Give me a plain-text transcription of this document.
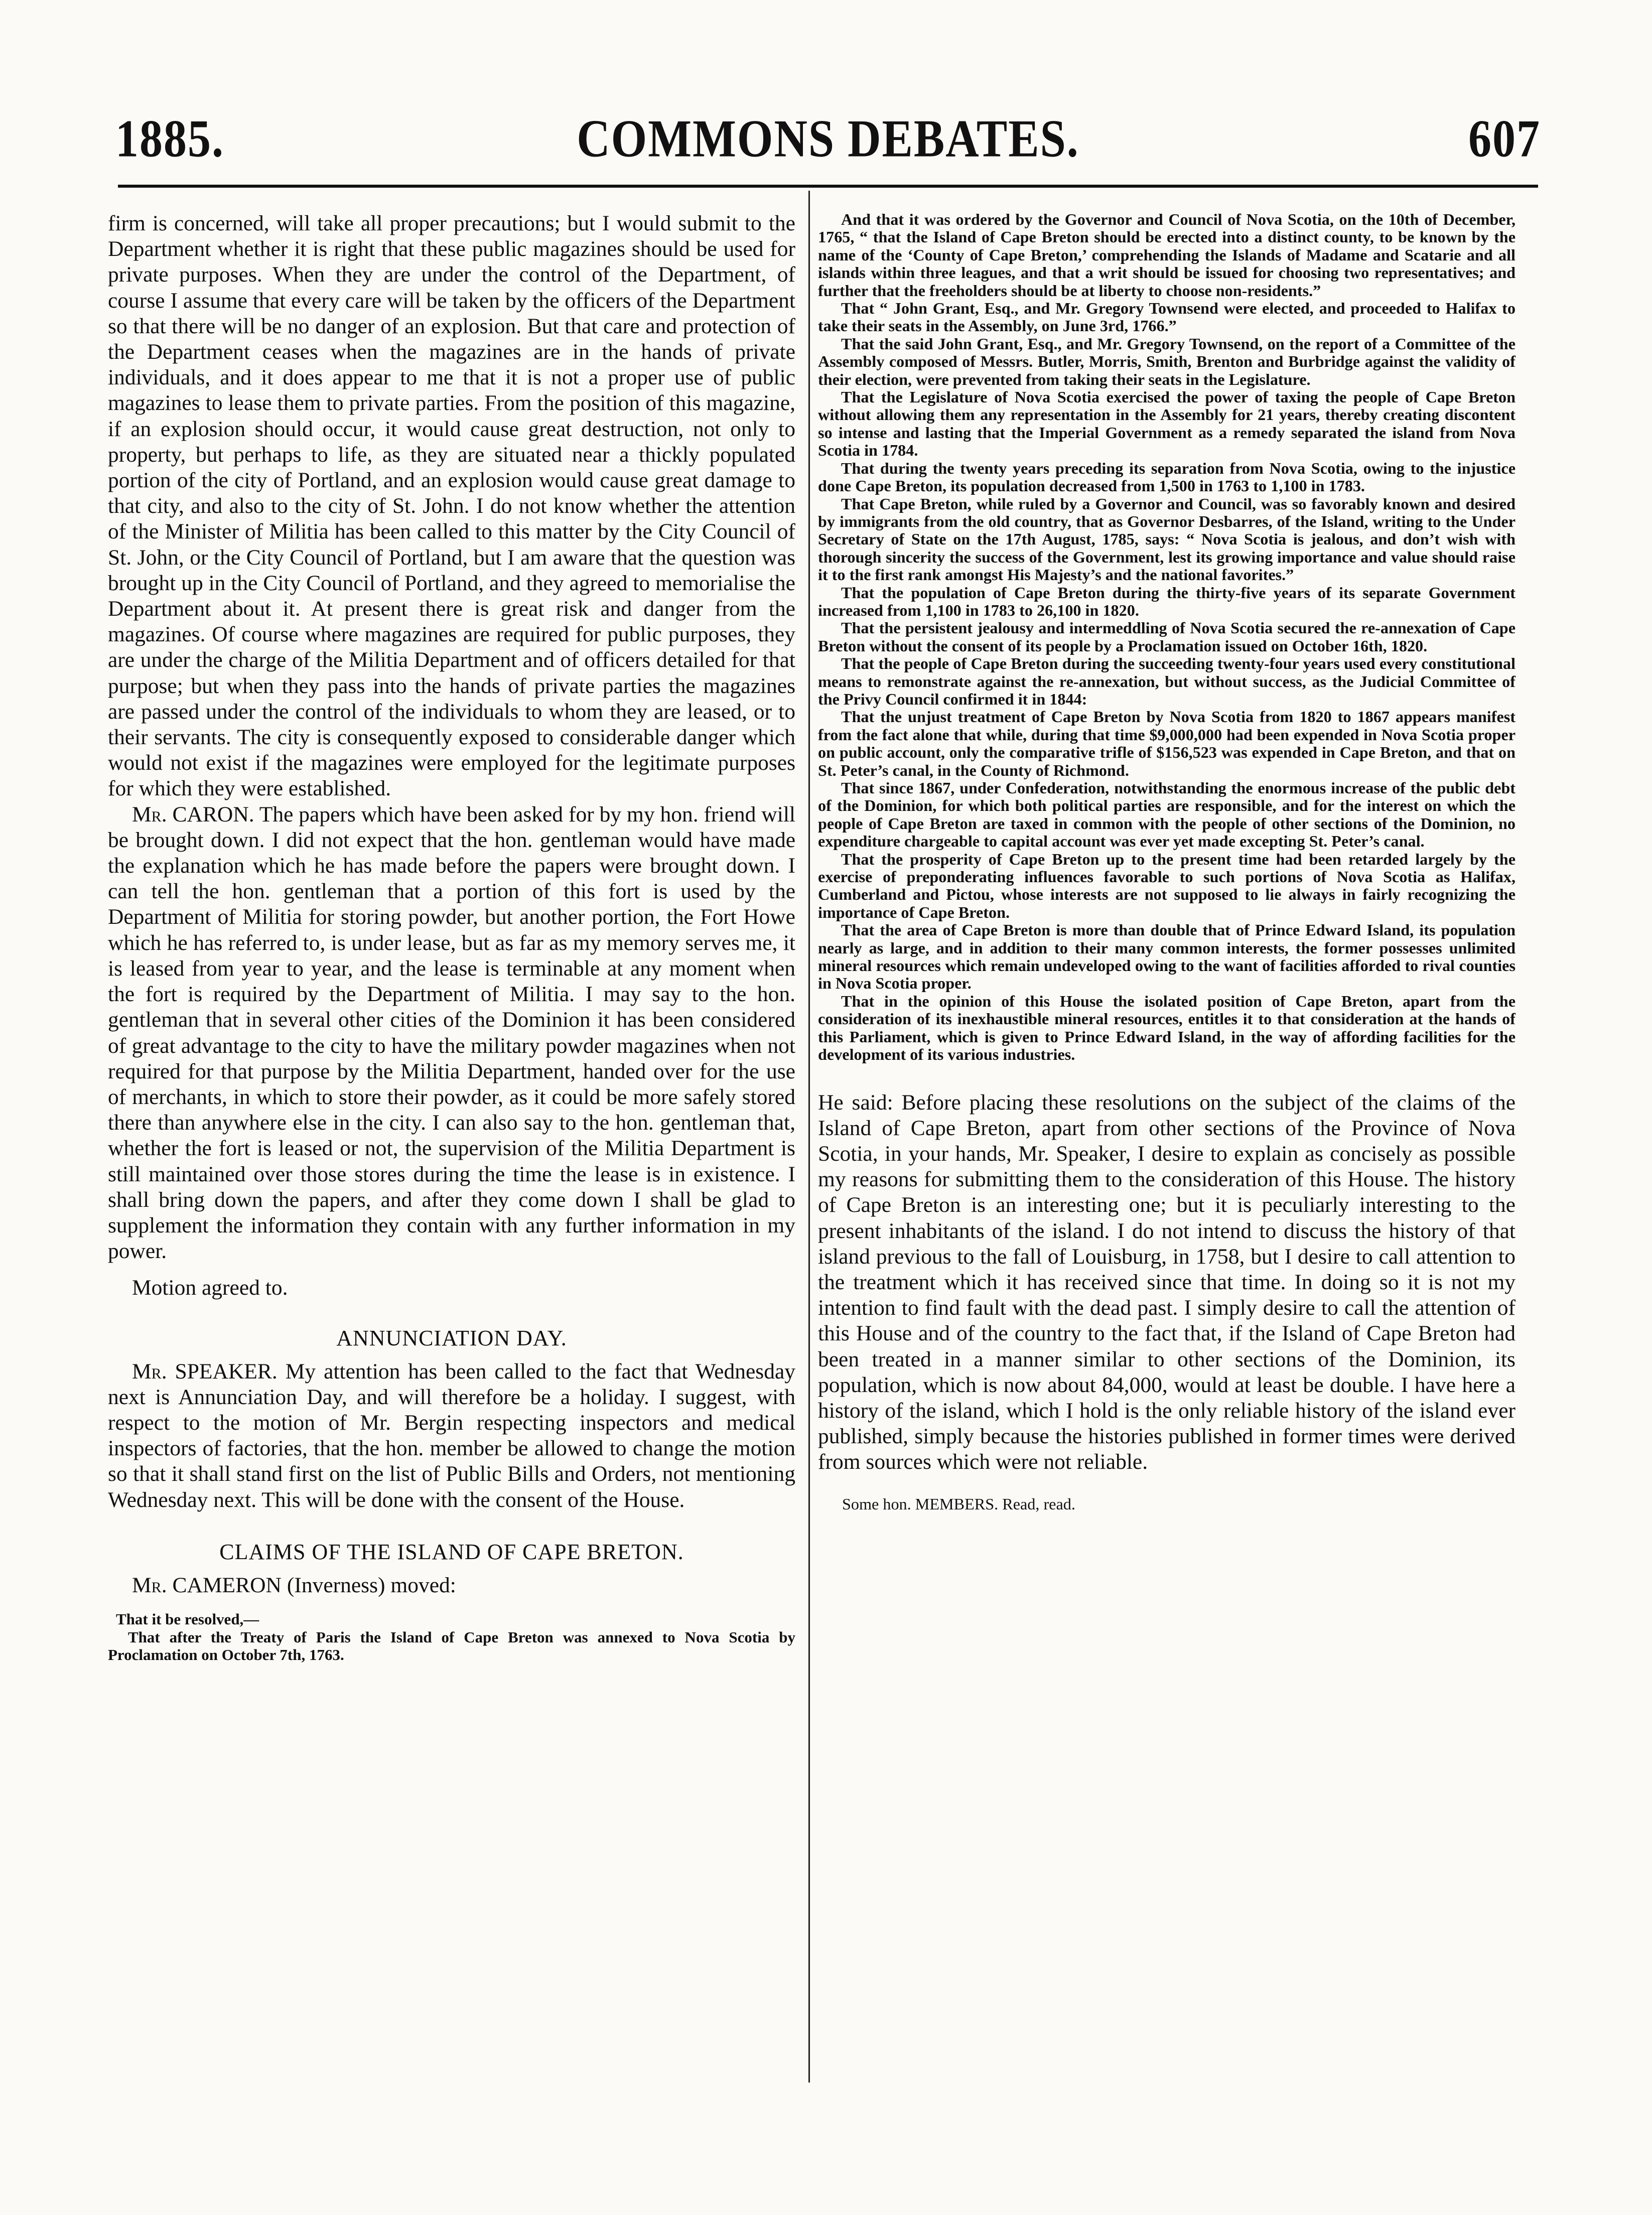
1885.	COMMONS DEBATES.	607

firm is concerned, will take all proper precautions; but I would submit to the Department whether it is right that these public magazines should be used for private purposes. When they are under the control of the Department, of course I assume that every care will be taken by the officers of the Department so that there will be no danger of an explosion. But that care and protection of the Department ceases when the magazines are in the hands of private individuals, and it does appear to me that it is not a proper use of public magazines to lease them to private parties. From the position of this magazine, if an explosion should occur, it would cause great destruction, not only to property, but perhaps to life, as they are situated near a thickly populated portion of the city of Portland, and an explosion would cause great damage to that city, and also to the city of St. John. I do not know whether the attention of the Minister of Militia has been called to this matter by the City Council of St. John, or the City Council of Portland, but I am aware that the question was brought up in the City Council of Portland, and they agreed to memorialise the Department about it. At present there is great risk and danger from the magazines. Of course where magazines are required for public purposes, they are under the charge of the Militia Department and of officers detailed for that purpose; but when they pass into the hands of private parties the magazines are passed under the control of the individuals to whom they are leased, or to their servants. The city is consequently exposed to considerable danger which would not exist if the magazines were employed for the legitimate purposes for which they were established.

Mr. CARON. The papers which have been asked for by my hon. friend will be brought down. I did not expect that the hon. gentleman would have made the explanation which he has made before the papers were brought down. I can tell the hon. gentleman that a portion of this fort is used by the Department of Militia for storing powder, but another portion, the Fort Howe which he has referred to, is under lease, but as far as my memory serves me, it is leased from year to year, and the lease is terminable at any moment when the fort is required by the Department of Militia. I may say to the hon. gentleman that in several other cities of the Dominion it has been considered of great advantage to the city to have the military powder magazines when not required for that purpose by the Militia Department, handed over for the use of merchants, in which to store their powder, as it could be more safely stored there than anywhere else in the city. I can also say to the hon. gentleman that, whether the fort is leased or not, the supervision of the Militia Department is still maintained over those stores during the time the lease is in existence. I shall bring down the papers, and after they come down I shall be glad to supplement the information they contain with any further information in my power.

Motion agreed to.

ANNUNCIATION DAY.

Mr. SPEAKER. My attention has been called to the fact that Wednesday next is Annunciation Day, and will therefore be a holiday. I suggest, with respect to the motion of Mr. Bergin respecting inspectors and medical inspectors of factories, that the hon. member be allowed to change the motion so that it shall stand first on the list of Public Bills and Orders, not mentioning Wednesday next. This will be done with the consent of the House.

CLAIMS OF THE ISLAND OF CAPE BRETON.

Mr. CAMERON (Inverness) moved:

That it be resolved,—

That after the Treaty of Paris the Island of Cape Breton was annexed to Nova Scotia by Proclamation on October 7th, 1763.

And that it was ordered by the Governor and Council of Nova Scotia, on the 10th of December, 1765, “ that the Island of Cape Breton should be erected into a distinct county, to be known by the name of the ‘County of Cape Breton,’ comprehending the Islands of Madame and Scatarie and all islands within three leagues, and that a writ should be issued for choosing two representatives; and further that the freeholders should be at liberty to choose non-residents.”

That “ John Grant, Esq., and Mr. Gregory Townsend were elected, and proceeded to Halifax to take their seats in the Assembly, on June 3rd, 1766.”

That the said John Grant, Esq., and Mr. Gregory Townsend, on the report of a Committee of the Assembly composed of Messrs. Butler, Morris, Smith, Brenton and Burbridge against the validity of their election, were prevented from taking their seats in the Legislature.

That the Legislature of Nova Scotia exercised the power of taxing the people of Cape Breton without allowing them any representation in the Assembly for 21 years, thereby creating discontent so intense and lasting that the Imperial Government as a remedy separated the island from Nova Scotia in 1784.

That during the twenty years preceding its separation from Nova Scotia, owing to the injustice done Cape Breton, its population decreased from 1,500 in 1763 to 1,100 in 1783.

That Cape Breton, while ruled by a Governor and Council, was so favorably known and desired by immigrants from the old country, that as Governor Desbarres, of the Island, writing to the Under Secretary of State on the 17th August, 1785, says: “ Nova Scotia is jealous, and don’t wish with thorough sincerity the success of the Government, lest its growing importance and value should raise it to the first rank amongst His Majesty’s and the national favorites.”

That the population of Cape Breton during the thirty-five years of its separate Government increased from 1,100 in 1783 to 26,100 in 1820.

That the persistent jealousy and intermeddling of Nova Scotia secured the re-annexation of Cape Breton without the consent of its people by a Proclamation issued on October 16th, 1820.

That the people of Cape Breton during the succeeding twenty-four years used every constitutional means to remonstrate against the re-annexation, but without success, as the Judicial Committee of the Privy Council confirmed it in 1844:

That the unjust treatment of Cape Breton by Nova Scotia from 1820 to 1867 appears manifest from the fact alone that while, during that time $9,000,000 had been expended in Nova Scotia proper on public account, only the comparative trifle of $156,523 was expended in Cape Breton, and that on St. Peter’s canal, in the County of Richmond.

That since 1867, under Confederation, notwithstanding the enormous increase of the public debt of the Dominion, for which both political parties are responsible, and for the interest on which the people of Cape Breton are taxed in common with the people of other sections of the Dominion, no expenditure chargeable to capital account was ever yet made excepting St. Peter’s canal.

That the prosperity of Cape Breton up to the present time had been retarded largely by the exercise of preponderating influences favorable to such portions of Nova Scotia as Halifax, Cumberland and Pictou, whose interests are not supposed to lie always in fairly recognizing the importance of Cape Breton.

That the area of Cape Breton is more than double that of Prince Edward Island, its population nearly as large, and in addition to their many common interests, the former possesses unlimited mineral resources which remain undeveloped owing to the want of facilities afforded to rival counties in Nova Scotia proper.

That in the opinion of this House the isolated position of Cape Breton, apart from the consideration of its inexhaustible mineral resources, entitles it to that consideration at the hands of this Parliament, which is given to Prince Edward Island, in the way of affording facilities for the development of its various industries.

He said: Before placing these resolutions on the subject of the claims of the Island of Cape Breton, apart from other sections of the Province of Nova Scotia, in your hands, Mr. Speaker, I desire to explain as concisely as possible my reasons for submitting them to the consideration of this House. The history of Cape Breton is an interesting one; but it is peculiarly interesting to the present inhabitants of the island. I do not intend to discuss the history of that island previous to the fall of Louisburg, in 1758, but I desire to call attention to the treatment which it has received since that time. In doing so it is not my intention to find fault with the dead past. I simply desire to call the attention of this House and of the country to the fact that, if the Island of Cape Breton had been treated in a manner similar to other sections of the Dominion, its population, which is now about 84,000, would at least be double. I have here a history of the island, which I hold is the only reliable history of the island ever published, simply because the histories published in former times were derived from sources which were not reliable.

Some hon. MEMBERS. Read, read.
